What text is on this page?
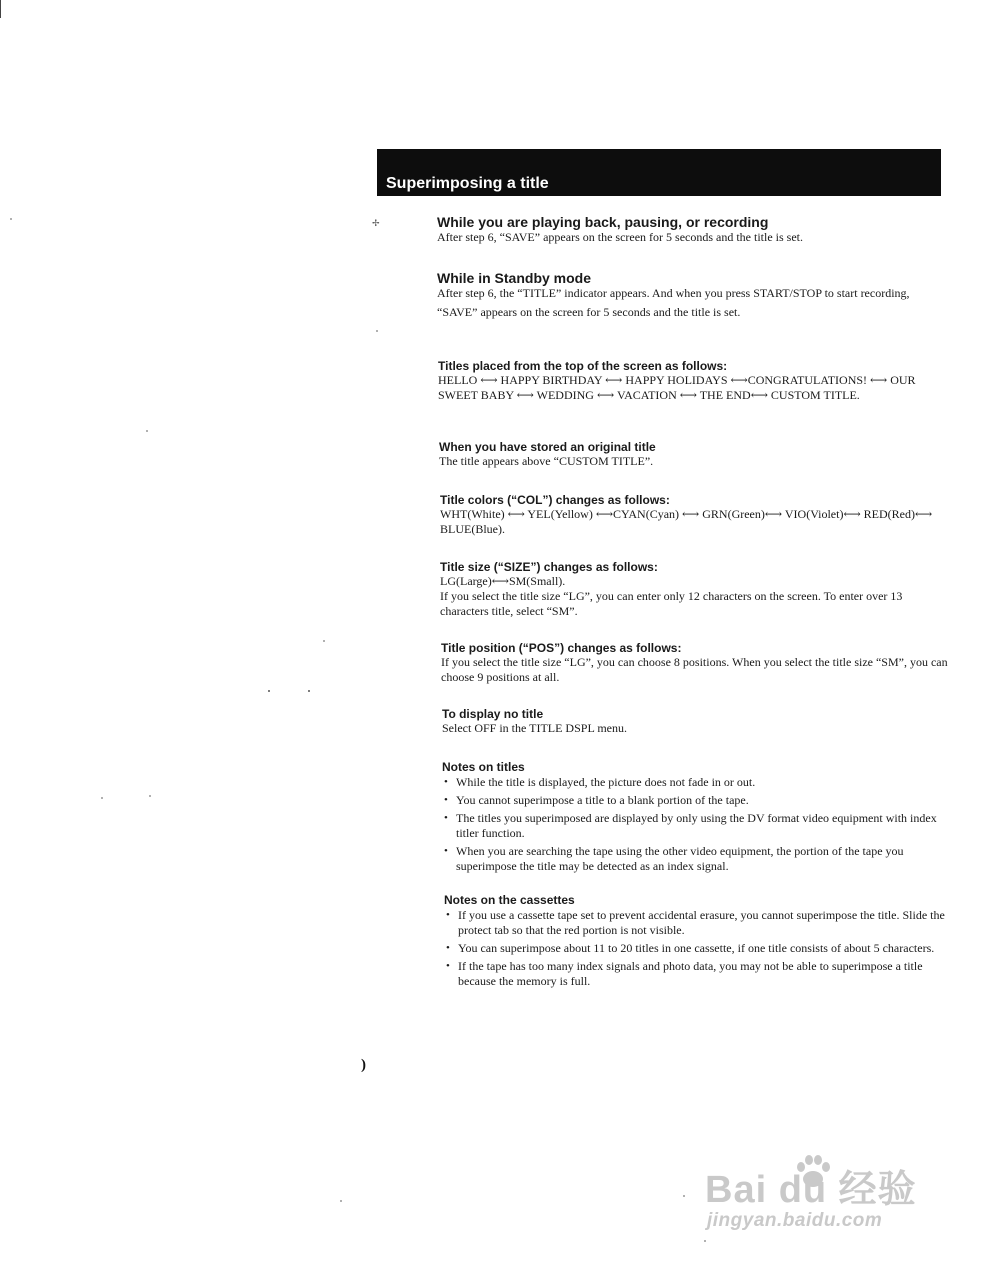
Superimposing a title
✢	While you are playing back, pausing, or recording

After step 6, “SAVE” appears on the screen for 5 seconds and the title is set.

While in Standby mode

After step 6, the “TITLE” indicator appears. And when you press START/STOP to start recording,

“SAVE” appears on the screen for 5 seconds and the title is set.

Titles placed from the top of the screen as follows:

HELLO ⟷ HAPPY BIRTHDAY ⟷ HAPPY HOLIDAYS ⟷CONGRATULATIONS! ⟷ OUR SWEET BABY ⟷ WEDDING ⟷ VACATION ⟷ THE END⟷ CUSTOM TITLE.

When you have stored an original title

The title appears above “CUSTOM TITLE”.

Title colors (“COL”) changes as follows:

WHT(White) ⟷ YEL(Yellow) ⟷CYAN(Cyan) ⟷ GRN(Green)⟷ VIO(Violet)⟷ RED(Red)⟷ BLUE(Blue).

Title size (“SIZE”) changes as follows:

LG(Large)⟷SM(Small).

If you select the title size “LG”, you can enter only 12 characters on the screen. To enter over 13 characters title, select “SM”.

Title position (“POS”) changes as follows:

If you select the title size “LG”, you can choose 8 positions. When you select the title size “SM”, you can choose 9 positions at all.

To display no title

Select OFF in the TITLE DSPL menu.

Notes on titles

• While the title is displayed, the picture does not fade in or out.
• You cannot superimpose a title to a blank portion of the tape.
• The titles you superimposed are displayed by only using the DV format video equipment with index titler function.
• When you are searching the tape using the other video equipment, the portion of the tape you superimpose the title may be detected as an index signal.

Notes on the cassettes

• If you use a cassette tape set to prevent accidental erasure, you cannot superimpose the title. Slide the protect tab so that the red portion is not visible.
• You can superimpose about 11 to 20 titles in one cassette, if one title consists of about 5 characters.
• If the tape has too many index signals and photo data, you may not be able to superimpose a title because the memory is full.
)
Bai du 经验
jingyan.baidu.com
